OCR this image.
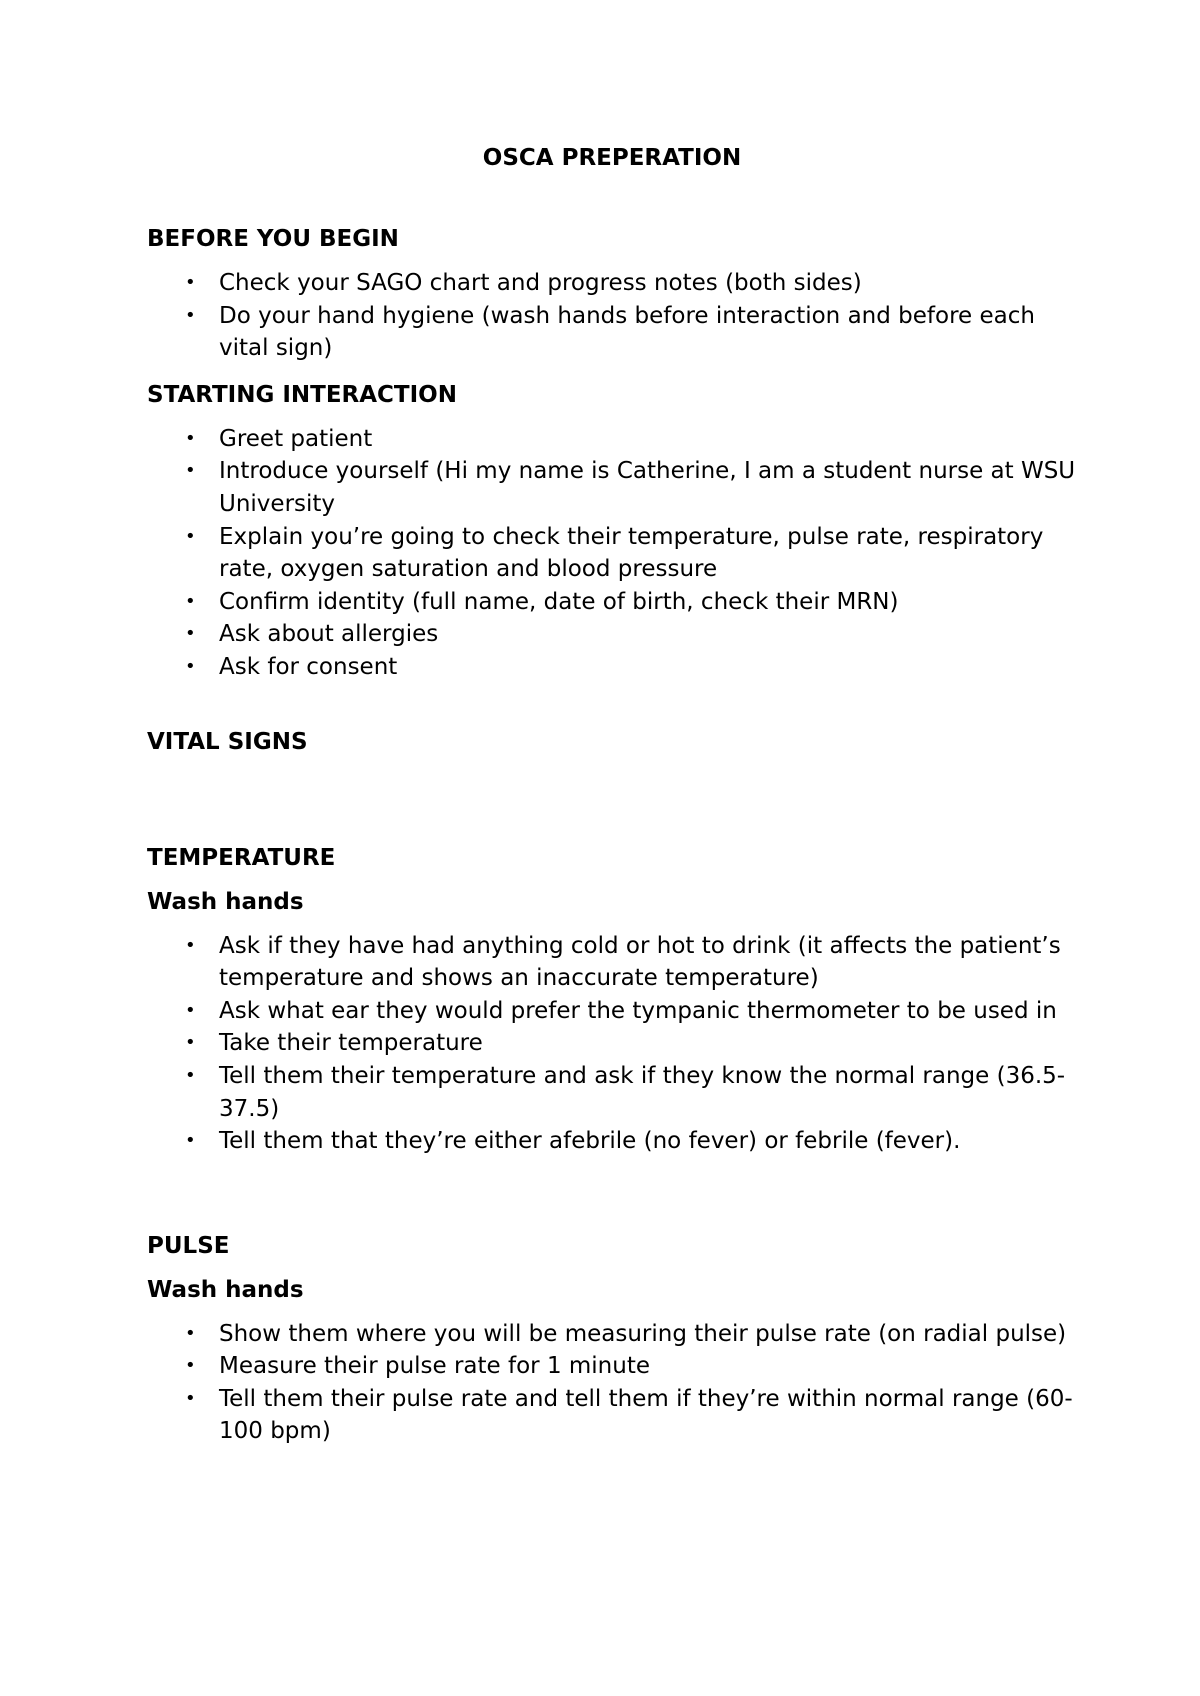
OSCA PREPERATION
BEFORE YOU BEGIN
• Check your SAGO chart and progress notes (both sides)
• Do your hand hygiene (wash hands before interaction and before each vital sign)
STARTING INTERACTION
• Greet patient
• Introduce yourself (Hi my name is Catherine, I am a student nurse at WSU University
• Explain you’re going to check their temperature, pulse rate, respiratory rate, oxygen saturation and blood pressure
• Confirm identity (full name, date of birth, check their MRN)
• Ask about allergies
• Ask for consent
VITAL SIGNS
TEMPERATURE
Wash hands
• Ask if they have had anything cold or hot to drink (it affects the patient’s temperature and shows an inaccurate temperature)
• Ask what ear they would prefer the tympanic thermometer to be used in
• Take their temperature
• Tell them their temperature and ask if they know the normal range (36.5-37.5)
• Tell them that they’re either afebrile (no fever) or febrile (fever).
PULSE
Wash hands
• Show them where you will be measuring their pulse rate (on radial pulse)
• Measure their pulse rate for 1 minute
• Tell them their pulse rate and tell them if they’re within normal range (60-100 bpm)
